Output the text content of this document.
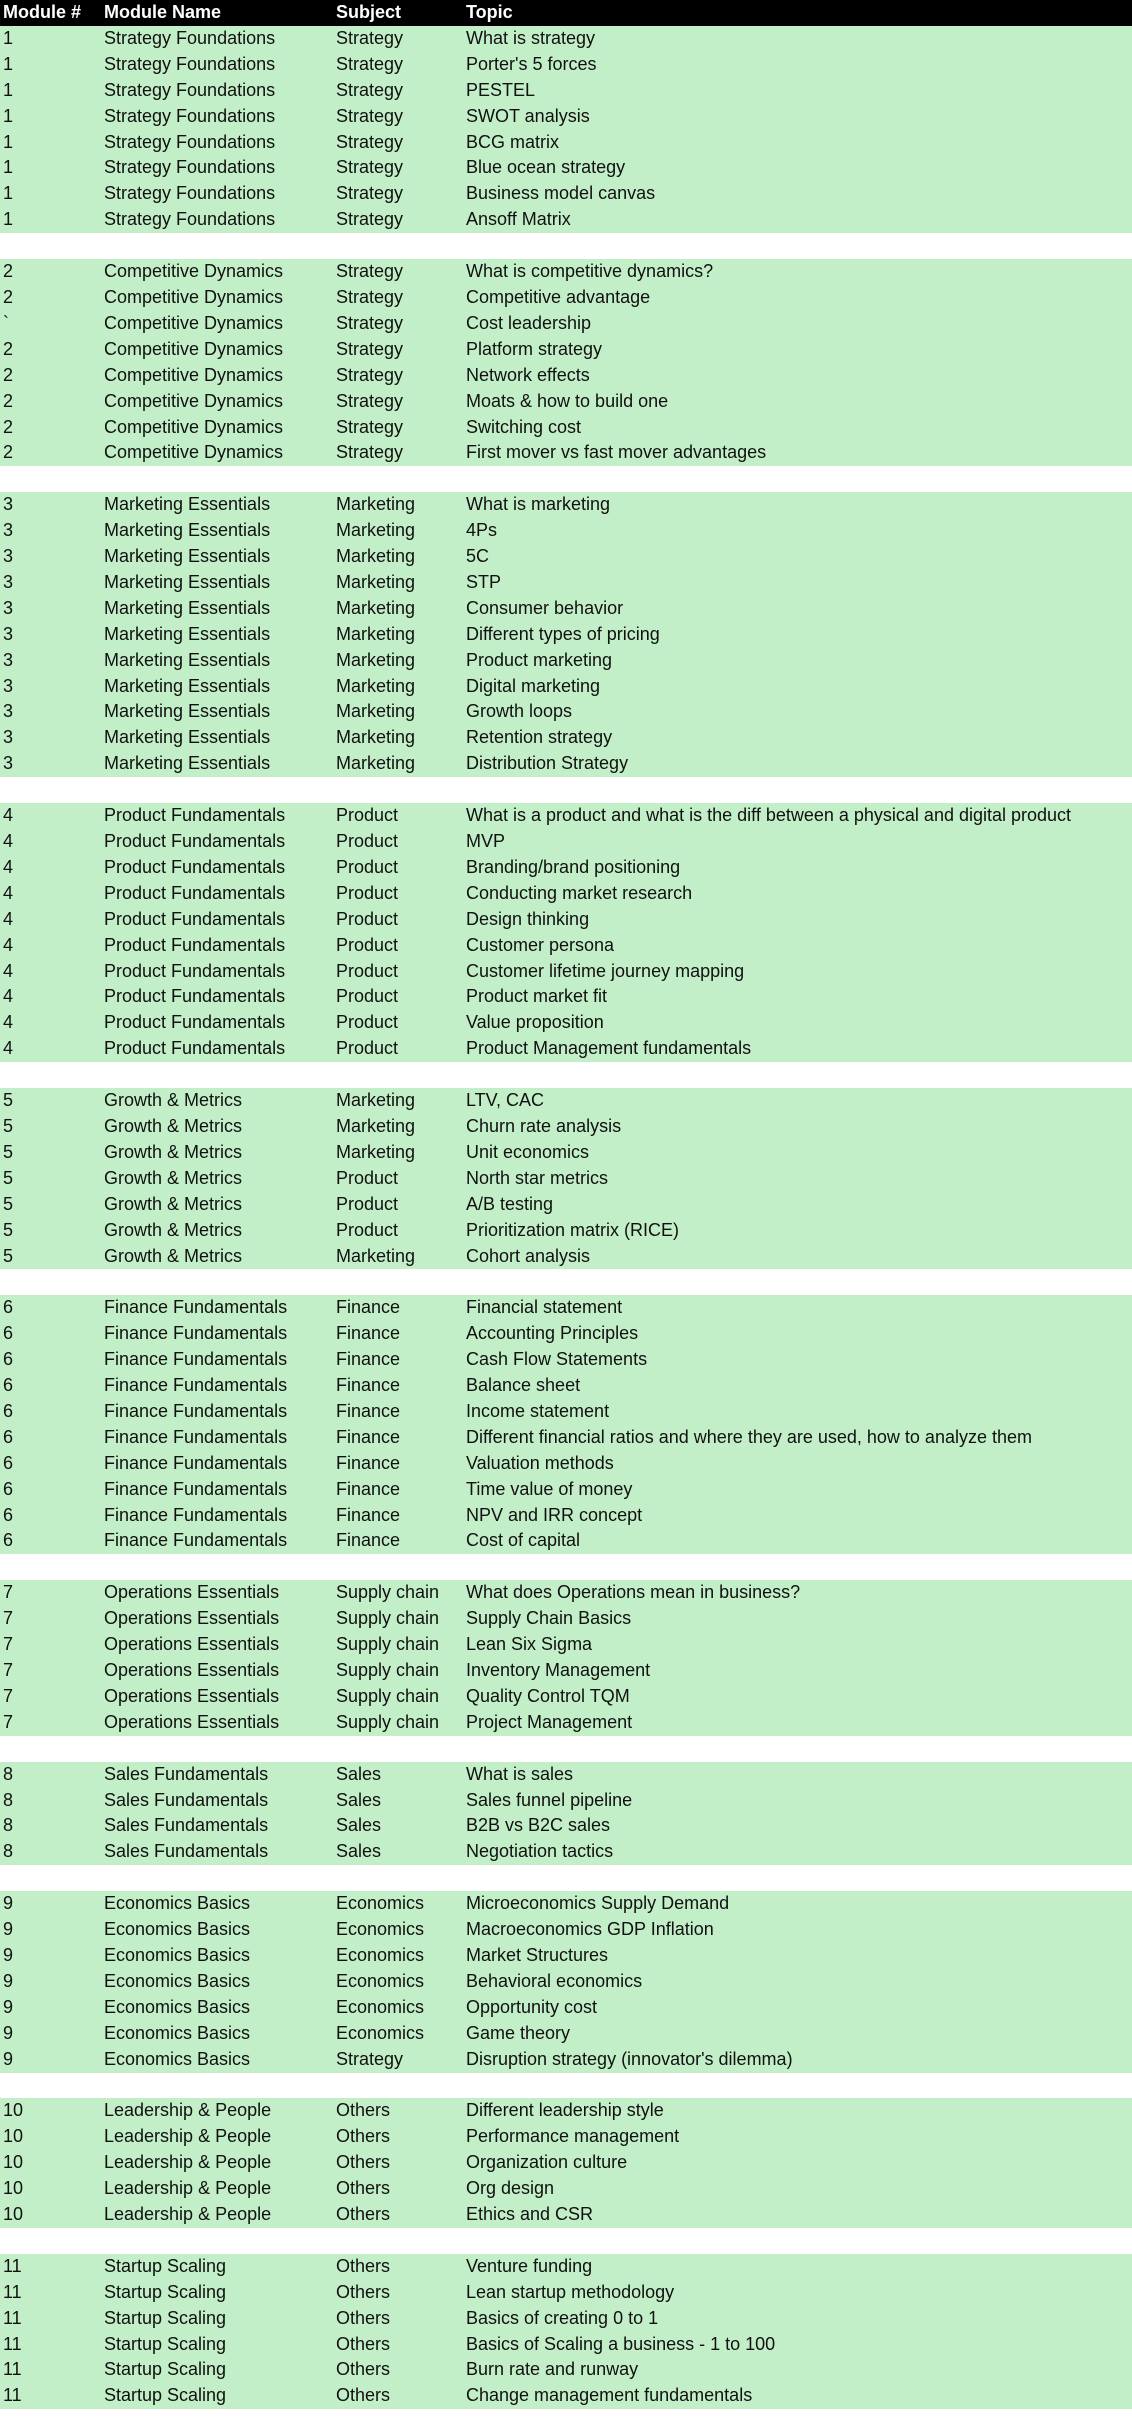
Module #	Module Name	Subject	Topic
1	Strategy Foundations	Strategy	What is strategy
1	Strategy Foundations	Strategy	Porter's 5 forces
1	Strategy Foundations	Strategy	PESTEL
1	Strategy Foundations	Strategy	SWOT analysis
1	Strategy Foundations	Strategy	BCG matrix
1	Strategy Foundations	Strategy	Blue ocean strategy
1	Strategy Foundations	Strategy	Business model canvas
1	Strategy Foundations	Strategy	Ansoff Matrix
2	Competitive Dynamics	Strategy	What is competitive dynamics?
2	Competitive Dynamics	Strategy	Competitive advantage
`	Competitive Dynamics	Strategy	Cost leadership
2	Competitive Dynamics	Strategy	Platform strategy
2	Competitive Dynamics	Strategy	Network effects
2	Competitive Dynamics	Strategy	Moats & how to build one
2	Competitive Dynamics	Strategy	Switching cost
2	Competitive Dynamics	Strategy	First mover vs fast mover advantages
3	Marketing Essentials	Marketing	What is marketing
3	Marketing Essentials	Marketing	4Ps
3	Marketing Essentials	Marketing	5C
3	Marketing Essentials	Marketing	STP
3	Marketing Essentials	Marketing	Consumer behavior
3	Marketing Essentials	Marketing	Different types of pricing
3	Marketing Essentials	Marketing	Product marketing
3	Marketing Essentials	Marketing	Digital marketing
3	Marketing Essentials	Marketing	Growth loops
3	Marketing Essentials	Marketing	Retention strategy
3	Marketing Essentials	Marketing	Distribution Strategy
4	Product Fundamentals	Product	What is a product and what is the diff between a physical and digital product
4	Product Fundamentals	Product	MVP
4	Product Fundamentals	Product	Branding/brand positioning
4	Product Fundamentals	Product	Conducting market research
4	Product Fundamentals	Product	Design thinking
4	Product Fundamentals	Product	Customer persona
4	Product Fundamentals	Product	Customer lifetime journey mapping
4	Product Fundamentals	Product	Product market fit
4	Product Fundamentals	Product	Value proposition
4	Product Fundamentals	Product	Product Management fundamentals
5	Growth & Metrics	Marketing	LTV, CAC
5	Growth & Metrics	Marketing	Churn rate analysis
5	Growth & Metrics	Marketing	Unit economics
5	Growth & Metrics	Product	North star metrics
5	Growth & Metrics	Product	A/B testing
5	Growth & Metrics	Product	Prioritization matrix (RICE)
5	Growth & Metrics	Marketing	Cohort analysis
6	Finance Fundamentals	Finance	Financial statement
6	Finance Fundamentals	Finance	Accounting Principles
6	Finance Fundamentals	Finance	Cash Flow Statements
6	Finance Fundamentals	Finance	Balance sheet
6	Finance Fundamentals	Finance	Income statement
6	Finance Fundamentals	Finance	Different financial ratios and where they are used, how to analyze them
6	Finance Fundamentals	Finance	Valuation methods
6	Finance Fundamentals	Finance	Time value of money
6	Finance Fundamentals	Finance	NPV and IRR concept
6	Finance Fundamentals	Finance	Cost of capital
7	Operations Essentials	Supply chain	What does Operations mean in business?
7	Operations Essentials	Supply chain	Supply Chain Basics
7	Operations Essentials	Supply chain	Lean Six Sigma
7	Operations Essentials	Supply chain	Inventory Management
7	Operations Essentials	Supply chain	Quality Control TQM
7	Operations Essentials	Supply chain	Project Management
8	Sales Fundamentals	Sales	What is sales
8	Sales Fundamentals	Sales	Sales funnel pipeline
8	Sales Fundamentals	Sales	B2B vs B2C sales
8	Sales Fundamentals	Sales	Negotiation tactics
9	Economics Basics	Economics	Microeconomics Supply Demand
9	Economics Basics	Economics	Macroeconomics GDP Inflation
9	Economics Basics	Economics	Market Structures
9	Economics Basics	Economics	Behavioral economics
9	Economics Basics	Economics	Opportunity cost
9	Economics Basics	Economics	Game theory
9	Economics Basics	Strategy	Disruption strategy (innovator's dilemma)
10	Leadership & People	Others	Different leadership style
10	Leadership & People	Others	Performance management
10	Leadership & People	Others	Organization culture
10	Leadership & People	Others	Org design
10	Leadership & People	Others	Ethics and CSR
11	Startup Scaling	Others	Venture funding
11	Startup Scaling	Others	Lean startup methodology
11	Startup Scaling	Others	Basics of creating 0 to 1
11	Startup Scaling	Others	Basics of Scaling a business - 1 to 100
11	Startup Scaling	Others	Burn rate and runway
11	Startup Scaling	Others	Change management fundamentals
